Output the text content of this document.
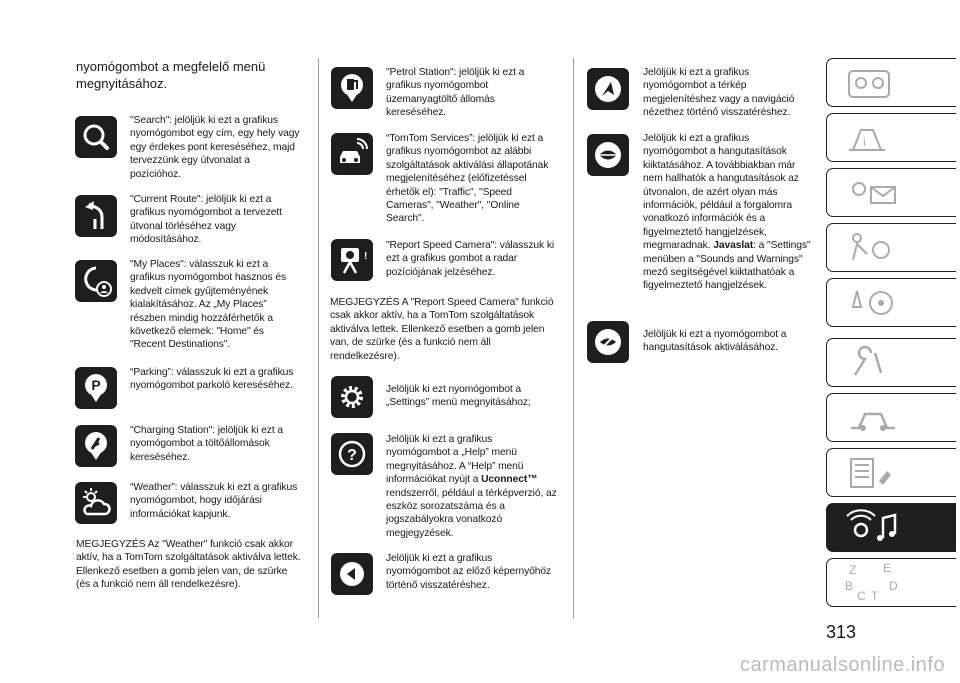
nyomógombot a megfelelő menü megnyitásához.
"Search": jelöljük ki ezt a grafikus nyomógombot egy cím, egy hely vagy egy érdekes pont kereséséhez, majd tervezzünk egy útvonalat a pozícióhoz.
"Current Route": jelöljük ki ezt a grafikus nyomógombot a tervezett útvonal törléséhez vagy módosításához.
"My Places": válasszuk ki ezt a grafikus nyomógombot hasznos és kedvelt címek gyűjteményének kialakításához. Az „My Places” részben mindig hozzáférhetők a következő elemek: "Home" és "Recent Destinations".
P
“Parking”: válasszuk ki ezt a grafikus nyomógombot parkoló kereséséhez.
"Charging Station": jelöljük ki ezt a nyomógombot a töltőállomások kereséséhez.
“Weather”: válasszuk ki ezt a grafikus nyomógombot, hogy időjárási információkat kapjunk.
MEGJEGYZÉS Az "Weather" funkció csak akkor aktív, ha a TomTom szolgáltatások aktiválva lettek. Ellenkező esetben a gomb jelen van, de szürke (és a funkció nem áll rendelkezésre).
"Petrol Station": jelöljük ki ezt a grafikus nyomógombot üzemanyagtöltő állomás kereséséhez.
“TomTom Services”: jelöljük ki ezt a grafikus nyomógombot az alábbi szolgáltatások aktiválási állapotának megjelenítéséhez (előfizetéssel érhetők el): "Traffic", "Speed Cameras", "Weather", "Online Search".
!
"Report Speed Camera": válasszuk ki ezt a grafikus gombot a radar pozíciójának jelzéséhez.
MEGJEGYZÉS A "Report Speed Camera" funkció csak akkor aktív, ha a TomTom szolgáltatások aktiválva lettek. Ellenkező esetben a gomb jelen van, de szürke (és a funkció nem áll rendelkezésre).
Jelöljük ki ezt nyomógombot a „Settings” menü megnyitásához;
?
Jelöljük ki ezt a grafikus nyomógombot a „Help” menü megnyitásához. A “Help” menü információkat nyújt a Uconnect™ rendszerről, például a térképverzió, az eszköz sorozatszáma és a jogszabályokra vonatkozó megjegyzések.
Jelöljük ki ezt a grafikus nyomógombot az előző képernyőhöz történő visszatéréshez.
Jelöljük ki ezt a grafikus nyomógombot a térkép megjelenítéshez vagy a navigáció nézethez történő visszatéréshez.
Jelöljük ki ezt a grafikus nyomógombot a hangutasítások kiiktatásához. A továbbiakban már nem hallhatók a hangutasítások az útvonalon, de azért olyan más információk, például a forgalomra vonatkozó információk és a figyelmeztető hangjelzések, megmaradnak. Javaslat: a "Settings" menüben a "Sounds and Warnings" mező segítségével kiiktathatóak a figyelmeztető hangjelzések.
Jelöljük ki ezt a nyomógombot a hangutasítások aktiválásához.
i
Z E
B	D
C T
313
carmanualsonline.info
